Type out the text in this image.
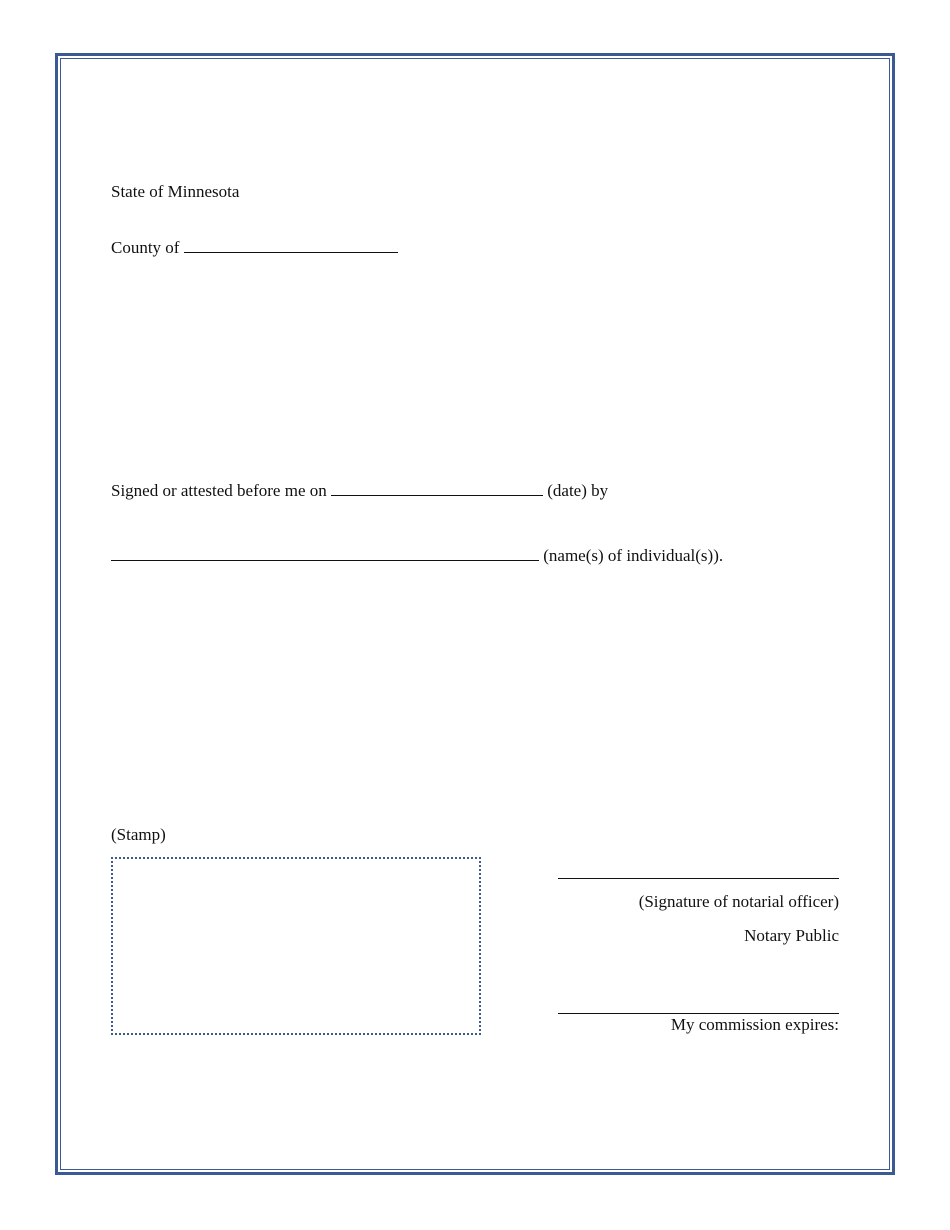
State of Minnesota
County of
Signed or attested before me on	(date) by
(name(s) of individual(s)).
(Stamp)
(Signature of notarial officer)
Notary Public
My commission expires:
